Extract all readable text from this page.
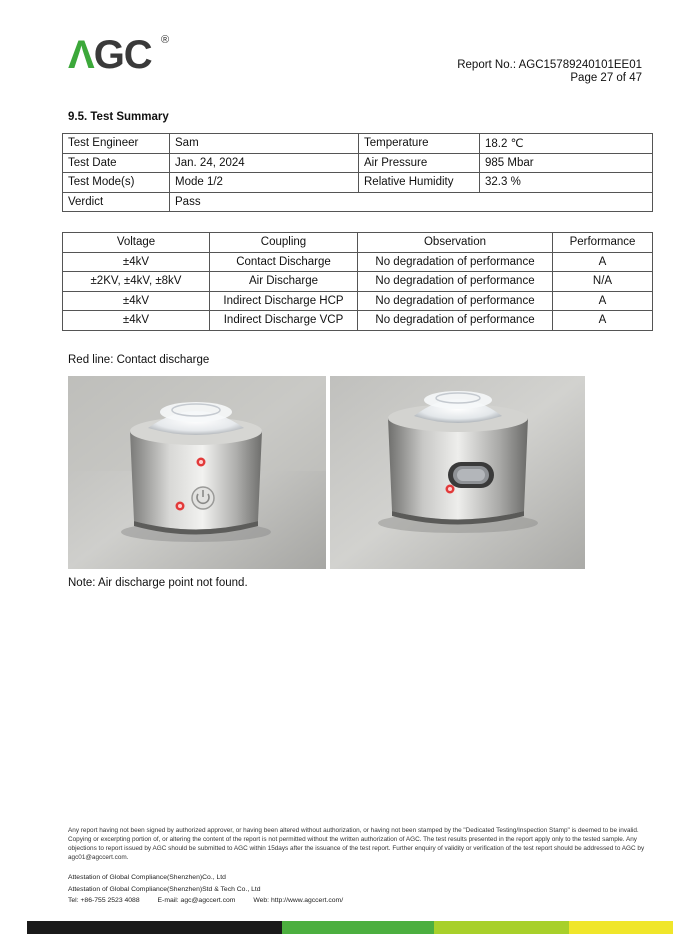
ΛGC ®
Report No.: AGC15789240101EE01
Page 27 of 47
9.5. Test Summary
Test Engineer	Sam	Temperature	18.2 ℃
Test Date	Jan. 24, 2024	Air Pressure	985 Mbar
Test Mode(s)	Mode 1/2	Relative Humidity	32.3 %
Verdict	Pass		
Voltage	Coupling	Observation	Performance
±4kV	Contact Discharge	No degradation of performance	A
±2KV, ±4kV, ±8kV	Air Discharge	No degradation of performance	N/A
±4kV	Indirect Discharge HCP	No degradation of performance	A
±4kV	Indirect Discharge VCP	No degradation of performance	A
Red line: Contact discharge
Note: Air discharge point not found.
Any report having not been signed by authorized approver, or having been altered without authorization, or having not been stamped by the "Dedicated Testing/Inspection Stamp" is deemed to be invalid. Copying or excerpting portion of, or altering the content of the report is not permitted without the written authorization of AGC. The test results presented in the report apply only to the tested sample. Any objections to report issued by AGC should be submitted to AGC within 15days after the issuance of the test report. Further enquiry of validity or verification of the test report should be addressed to AGC by agc01@agccert.com.
Attestation of Global Compliance(Shenzhen)Co., Ltd
Attestation of Global Compliance(Shenzhen)Std & Tech Co., Ltd
Tel: +86-755 2523 4088	E-mail: agc@agccert.com	Web: http://www.agccert.com/
